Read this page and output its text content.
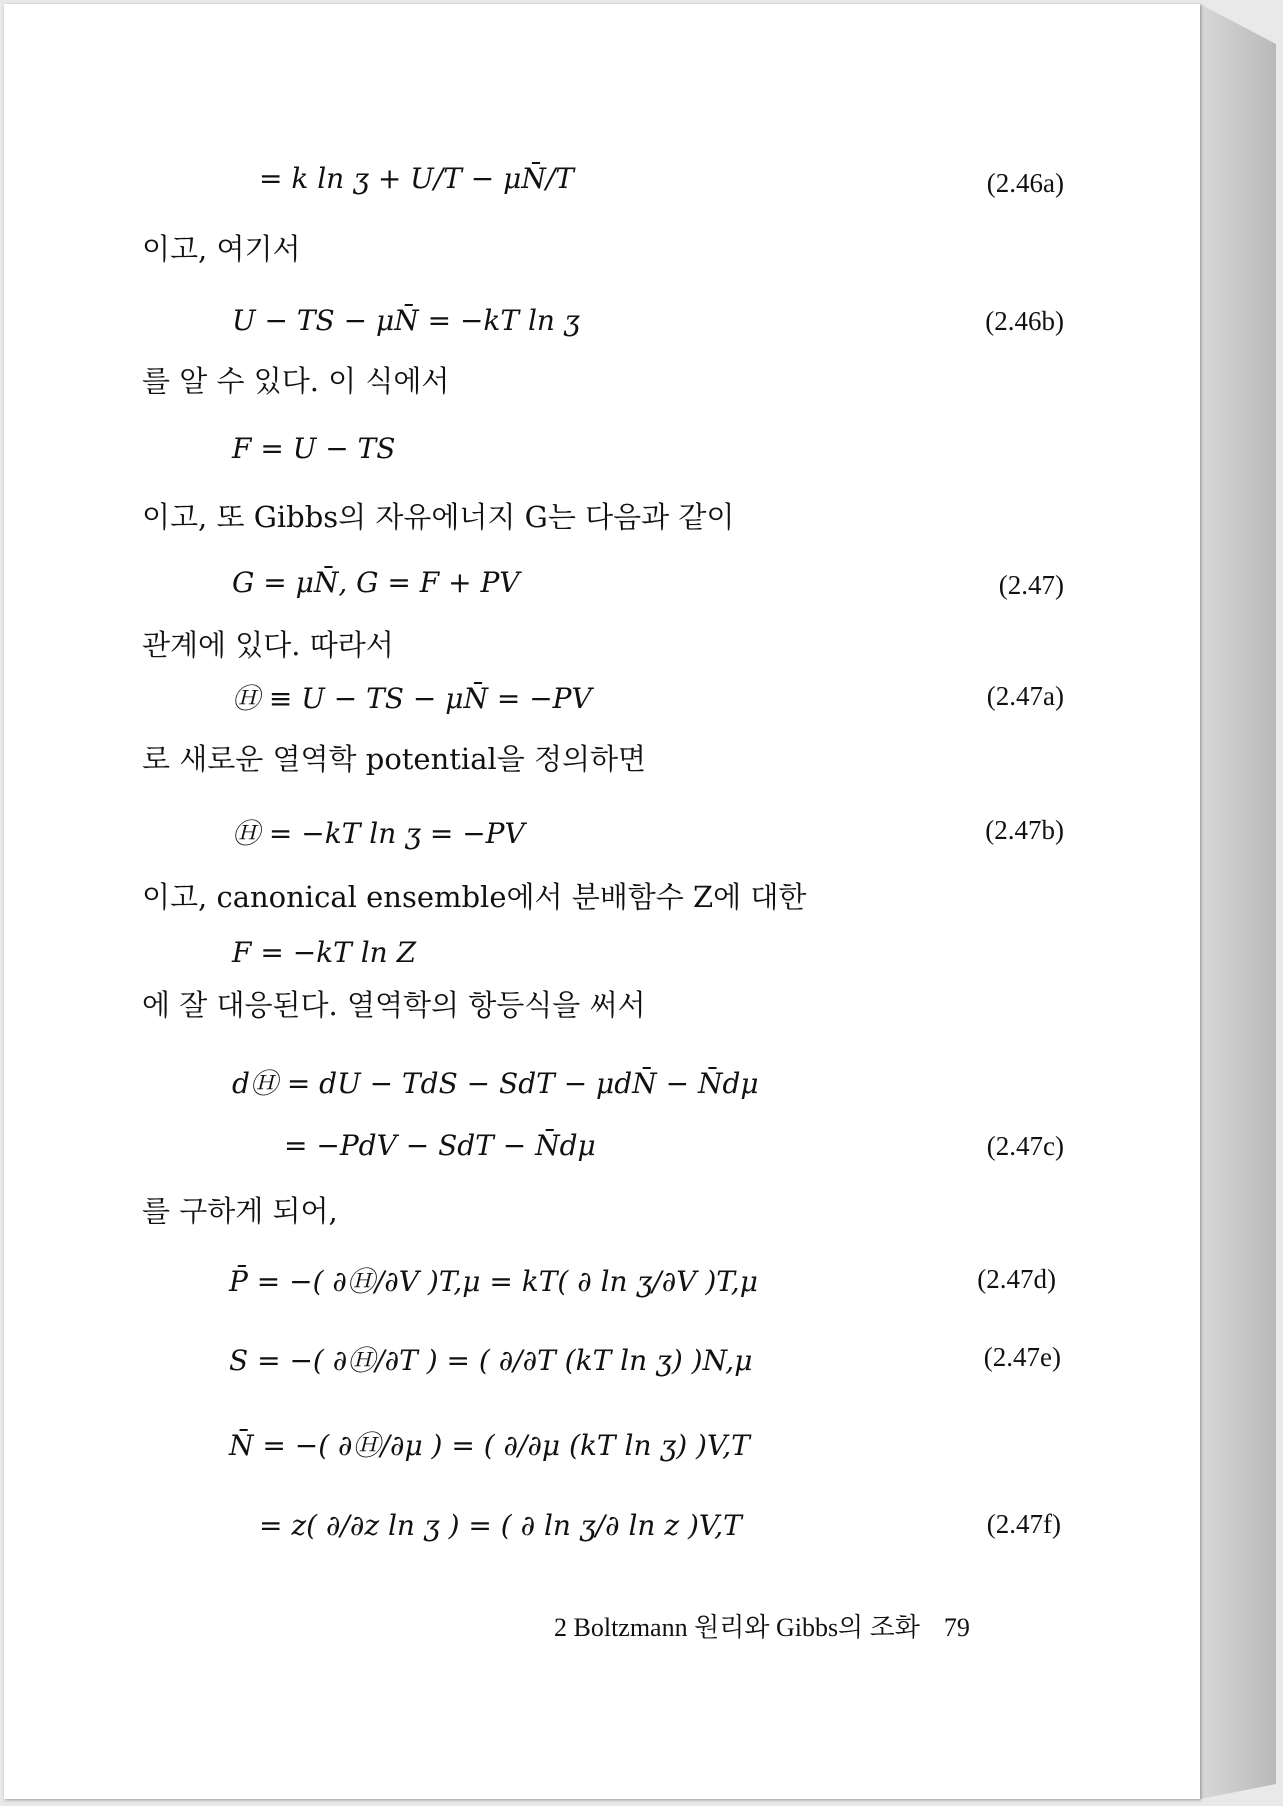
= k ln ʒ + U/T − μN̄/T	(2.46a)
이고, 여기서
U − TS − μN̄ = −kT ln ʒ	(2.46b)
를 알 수 있다. 이 식에서
F = U − TS
이고, 또 Gibbs의 자유에너지 G는 다음과 같이
G = μN̄, G = F + PV	(2.47)
관계에 있다. 따라서
Ⓗ ≡ U − TS − μN̄ = −PV	(2.47a)
로 새로운 열역학 potential을 정의하면
Ⓗ = −kT ln ʒ = −PV	(2.47b)
이고, canonical ensemble에서 분배함수 Z에 대한
F = −kT ln Z
에 잘 대응된다. 열역학의 항등식을 써서
dⒽ = dU − TdS − SdT − μdN̄ − N̄dμ
= −PdV − SdT − N̄dμ	(2.47c)
를 구하게 되어,
P̄ = −( ∂Ⓗ/∂V )T,μ = kT( ∂ ln ʒ/∂V )T,μ	(2.47d)
S = −( ∂Ⓗ/∂T ) = ( ∂/∂T (kT ln ʒ) )N,μ	(2.47e)
N̄ = −( ∂Ⓗ/∂μ ) = ( ∂/∂μ (kT ln ʒ) )V,T
= z( ∂/∂z ln ʒ ) = ( ∂ ln ʒ/∂ ln z )V,T	(2.47f)
2 Boltzmann 원리와 Gibbs의 조화 79
